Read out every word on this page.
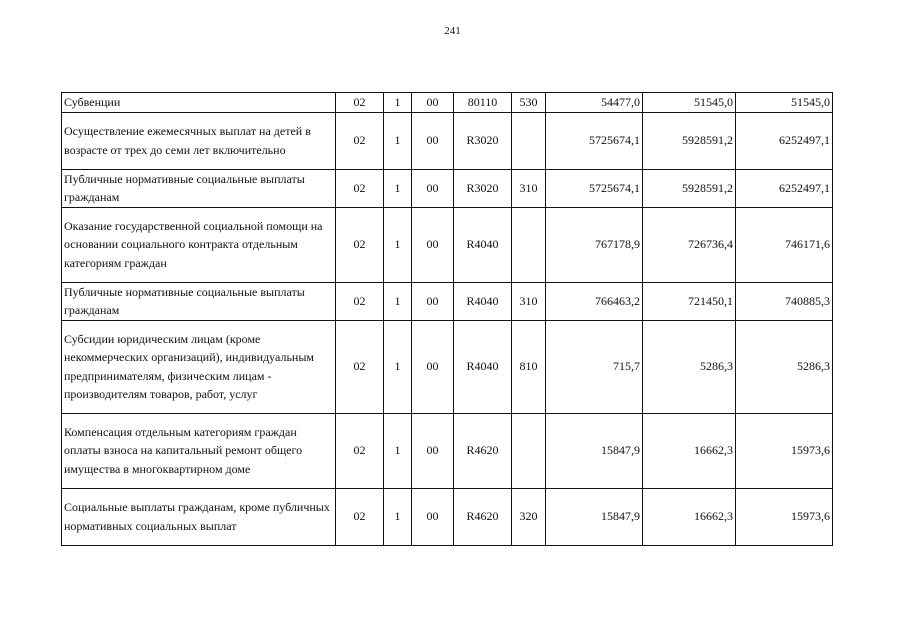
241
Субвенции	02	1	00	80110	530	54477,0	51545,0	51545,0
Осуществление ежемесячных выплат на детей в возрасте от трех до семи лет включительно	02	1	00	R3020		5725674,1	5928591,2	6252497,1
Публичные нормативные социальные выплаты гражданам	02	1	00	R3020	310	5725674,1	5928591,2	6252497,1
Оказание государственной социальной помощи на основании социального контракта отдельным категориям граждан	02	1	00	R4040		767178,9	726736,4	746171,6
Публичные нормативные социальные выплаты гражданам	02	1	00	R4040	310	766463,2	721450,1	740885,3
Субсидии юридическим лицам (кроме некоммерческих организаций), индивидуальным предпринимателям, физическим лицам - производителям товаров, работ, услуг	02	1	00	R4040	810	715,7	5286,3	5286,3
Компенсация отдельным категориям граждан оплаты взноса на капитальный ремонт общего имущества в многоквартирном доме	02	1	00	R4620		15847,9	16662,3	15973,6
Социальные выплаты гражданам, кроме публичных нормативных социальных выплат	02	1	00	R4620	320	15847,9	16662,3	15973,6
